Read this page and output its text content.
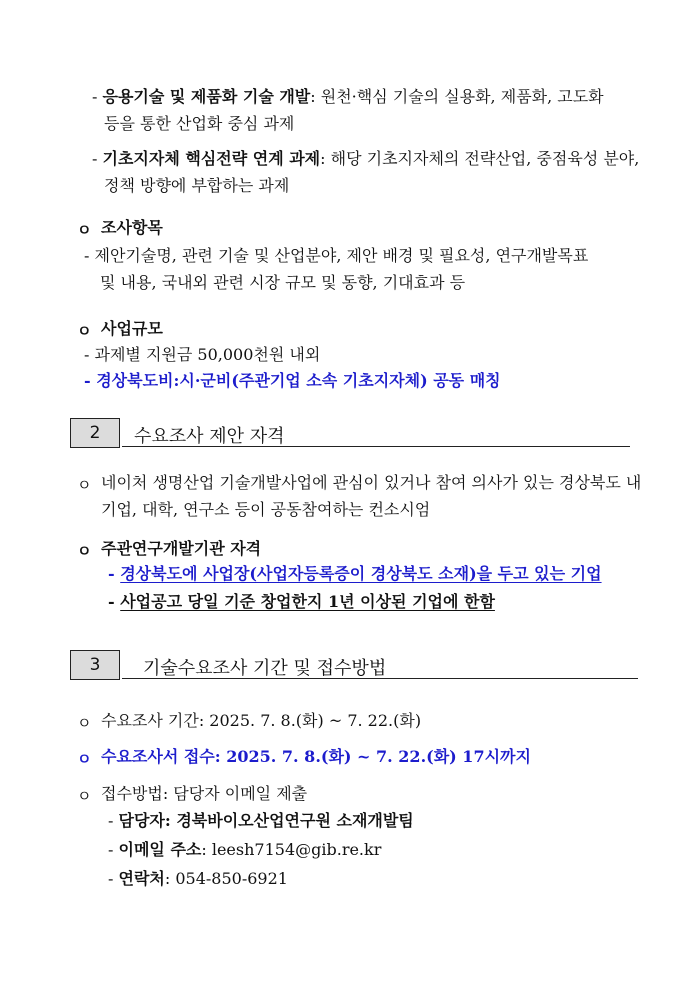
- 응용기술 및 제품화 기술 개발: 원천·핵심 기술의 실용화, 제품화, 고도화
등을 통한 산업화 중심 과제
- 기초지자체 핵심전략 연계 과제: 해당 기초지자체의 전략산업, 중점육성 분야,
정책 방향에 부합하는 과제
ㅇ 조사항목
- 제안기술명, 관련 기술 및 산업분야, 제안 배경 및 필요성, 연구개발목표
및 내용, 국내외 관련 시장 규모 및 동향, 기대효과 등
ㅇ 사업규모
- 과제별 지원금 50,000천원 내외
- 경상북도비:시·군비(주관기업 소속 기초지자체) 공동 매칭
2 수요조사 제안 자격
ㅇ 네이처 생명산업 기술개발사업에 관심이 있거나 참여 의사가 있는 경상북도 내
기업, 대학, 연구소 등이 공동참여하는 컨소시엄
ㅇ 주관연구개발기관 자격
- 경상북도에 사업장(사업자등록증이 경상북도 소재)을 두고 있는 기업
- 사업공고 당일 기준 창업한지 1년 이상된 기업에 한함
3 기술수요조사 기간 및 접수방법
ㅇ 수요조사 기간: 2025. 7. 8.(화) ~ 7. 22.(화)
ㅇ 수요조사서 접수: 2025. 7. 8.(화) ~ 7. 22.(화) 17시까지
ㅇ 접수방법: 담당자 이메일 제출
- 담당자: 경북바이오산업연구원 소재개발팀
- 이메일 주소: leesh7154@gib.re.kr
- 연락처: 054-850-6921
